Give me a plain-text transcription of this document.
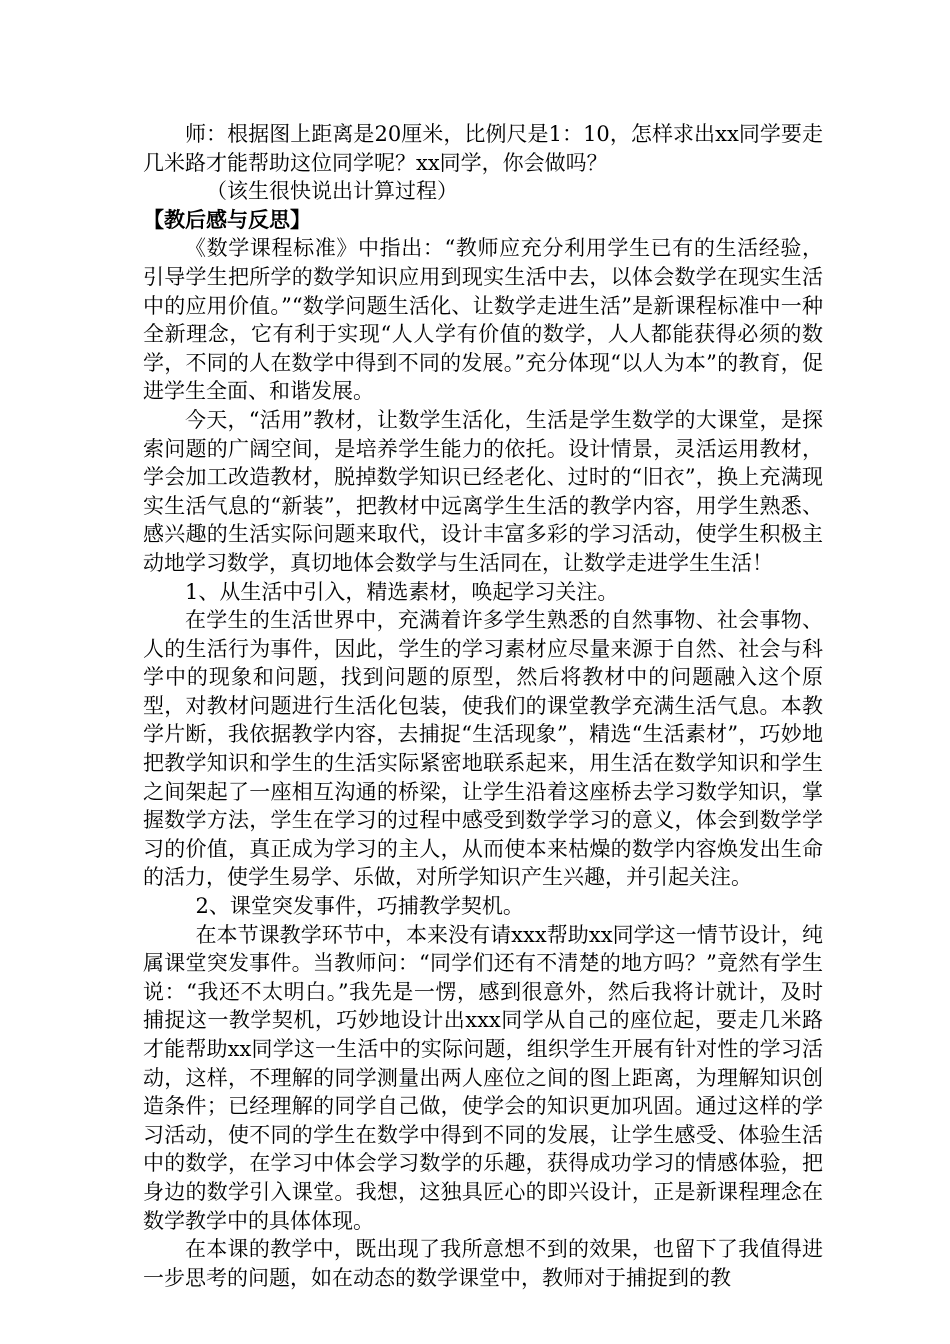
师：根据图上距离是20厘米，比例尺是1：10，怎样求出xx同学要走几米路才能帮助这位同学呢？xx同学，你会做吗？

（该生很快说出计算过程）

【教后感与反思】

《数学课程标准》中指出：“教师应充分利用学生已有的生活经验，引导学生把所学的数学知识应用到现实生活中去，以体会数学在现实生活中的应用价值。”“数学问题生活化、让数学走进生活”是新课程标准中一种全新理念，它有利于实现“人人学有价值的数学，人人都能获得必须的数学，不同的人在数学中得到不同的发展。”充分体现“以人为本”的教育，促进学生全面、和谐发展。

今天，“活用”教材，让数学生活化，生活是学生数学的大课堂，是探索问题的广阔空间，是培养学生能力的依托。设计情景，灵活运用教材，学会加工改造教材，脱掉数学知识已经老化、过时的“旧衣”，换上充满现实生活气息的“新装”，把教材中远离学生生活的教学内容，用学生熟悉、感兴趣的生活实际问题来取代，设计丰富多彩的学习活动，使学生积极主动地学习数学，真切地体会数学与生活同在，让数学走进学生生活！

1、从生活中引入，精选素材，唤起学习关注。

在学生的生活世界中，充满着许多学生熟悉的自然事物、社会事物、人的生活行为事件，因此，学生的学习素材应尽量来源于自然、社会与科学中的现象和问题，找到问题的原型，然后将教材中的问题融入这个原型，对教材问题进行生活化包装，使我们的课堂教学充满生活气息。本教学片断，我依据教学内容，去捕捉“生活现象”，精选“生活素材”，巧妙地把教学知识和学生的生活实际紧密地联系起来，用生活在数学知识和学生之间架起了一座相互沟通的桥梁，让学生沿着这座桥去学习数学知识，掌握数学方法，学生在学习的过程中感受到数学学习的意义，体会到数学学习的价值，真正成为学习的主人，从而使本来枯燥的数学内容焕发出生命的活力，使学生易学、乐做，对所学知识产生兴趣，并引起关注。

2、课堂突发事件，巧捕教学契机。

在本节课教学环节中，本来没有请xxx帮助xx同学这一情节设计，纯属课堂突发事件。当教师问：“同学们还有不清楚的地方吗？”竟然有学生说：“我还不太明白。”我先是一愣，感到很意外，然后我将计就计，及时捕捉这一教学契机，巧妙地设计出xxx同学从自己的座位起，要走几米路才能帮助xx同学这一生活中的实际问题，组织学生开展有针对性的学习活动，这样，不理解的同学测量出两人座位之间的图上距离，为理解知识创造条件；已经理解的同学自己做，使学会的知识更加巩固。通过这样的学习活动，使不同的学生在数学中得到不同的发展，让学生感受、体验生活中的数学，在学习中体会学习数学的乐趣，获得成功学习的情感体验，把身边的数学引入课堂。我想，这独具匠心的即兴设计，正是新课程理念在数学教学中的具体体现。

在本课的教学中，既出现了我所意想不到的效果，也留下了我值得进一步思考的问题，如在动态的数学课堂中，教师对于捕捉到的教
